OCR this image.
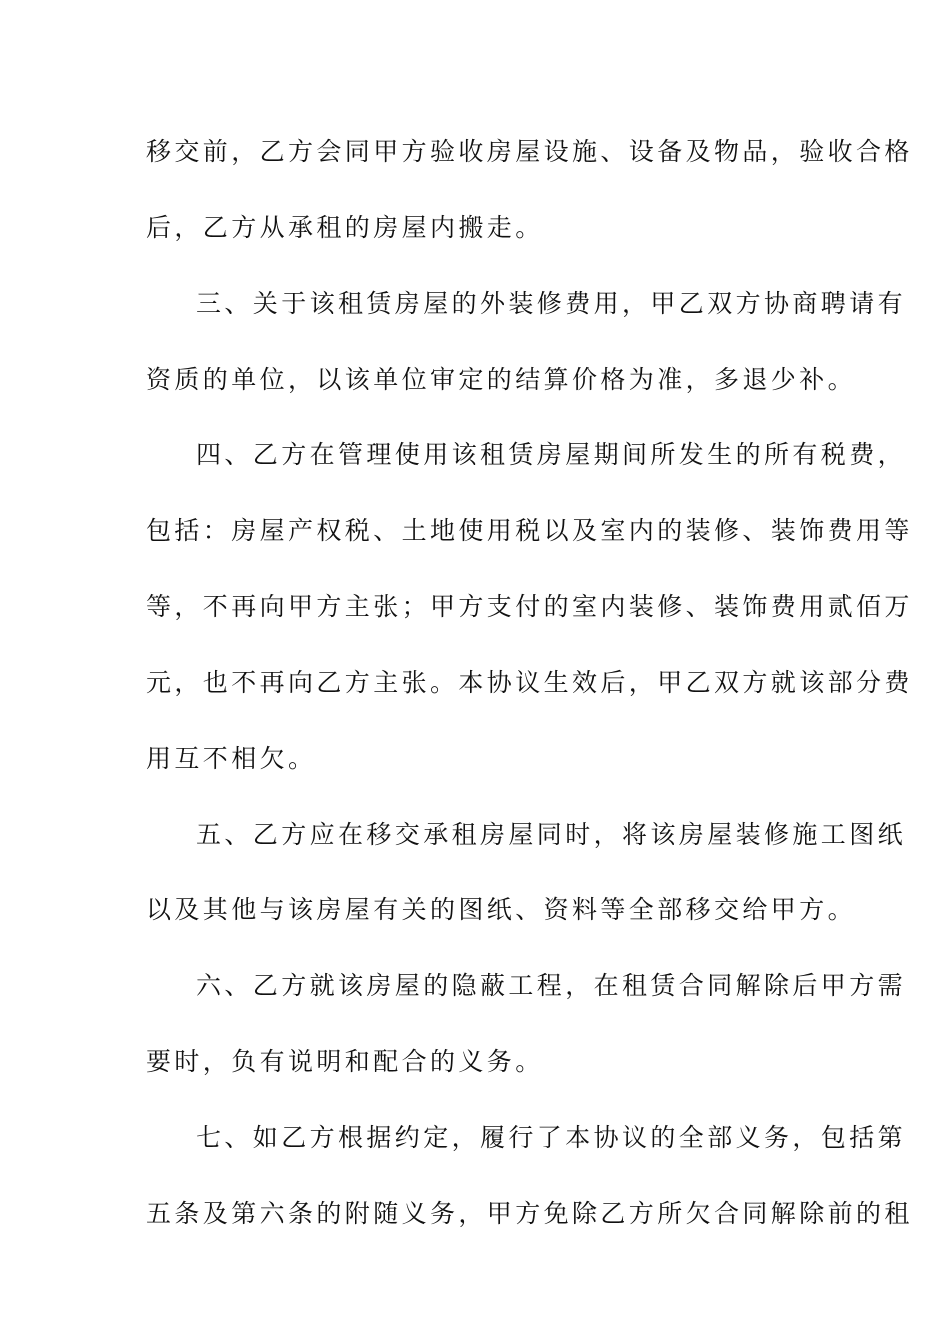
移交前，乙方会同甲方验收房屋设施、设备及物品，验收合格
后，乙方从承租的房屋内搬走。
三、关于该租赁房屋的外装修费用，甲乙双方协商聘请有
资质的单位，以该单位审定的结算价格为准，多退少补。
四、乙方在管理使用该租赁房屋期间所发生的所有税费，
包括：房屋产权税、土地使用税以及室内的装修、装饰费用等
等，不再向甲方主张；甲方支付的室内装修、装饰费用贰佰万
元，也不再向乙方主张。本协议生效后，甲乙双方就该部分费
用互不相欠。
五、乙方应在移交承租房屋同时，将该房屋装修施工图纸
以及其他与该房屋有关的图纸、资料等全部移交给甲方。
六、乙方就该房屋的隐蔽工程，在租赁合同解除后甲方需
要时，负有说明和配合的义务。
七、如乙方根据约定，履行了本协议的全部义务，包括第
五条及第六条的附随义务，甲方免除乙方所欠合同解除前的租
